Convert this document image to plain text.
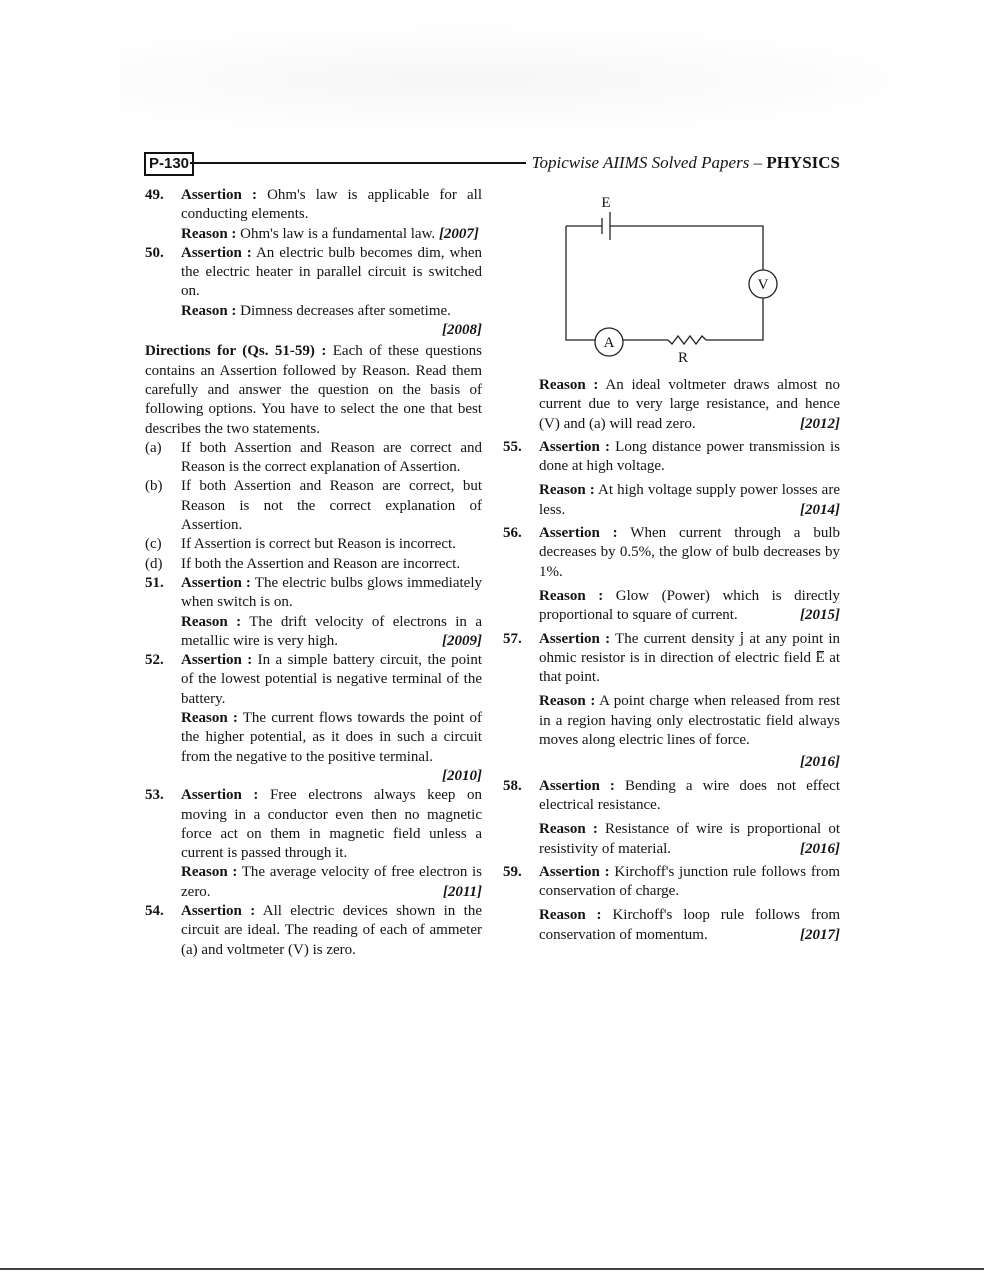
P-130	Topicwise AIIMS Solved Papers – PHYSICS
49. Assertion : Ohm's law is applicable for all conducting elements.
Reason : Ohm's law is a fundamental law. [2007]
50. Assertion : An electric bulb becomes dim, when the electric heater in parallel circuit is switched on.
Reason : Dimness decreases after sometime.
[2008]
Directions for (Qs. 51-59) : Each of these questions contains an Assertion followed by Reason. Read them carefully and answer the question on the basis of following options. You have to select the one that best describes the two statements.
(a) If both Assertion and Reason are correct and Reason is the correct explanation of Assertion.
(b) If both Assertion and Reason are correct, but Reason is not the correct explanation of Assertion.
(c) If Assertion is correct but Reason is incorrect.
(d) If both the Assertion and Reason are incorrect.
51. Assertion : The electric bulbs glows immediately when switch is on.
Reason : The drift velocity of electrons in a metallic wire is very high.	[2009]
52. Assertion : In a simple battery circuit, the point of the lowest potential is negative terminal of the battery.
Reason : The current flows towards the point of the higher potential, as it does in such a circuit from the negative to the positive terminal.
[2010]
53. Assertion : Free electrons always keep on moving in a conductor even then no magnetic force act on them in magnetic field unless a current is passed through it.
Reason : The average velocity of free electron is zero.	[2011]
54. Assertion : All electric devices shown in the circuit are ideal. The reading of each of ammeter (a) and voltmeter (V) is zero.
E
V
A
R
Reason : An ideal voltmeter draws almost no current due to very large resistance, and hence (V) and (a) will read zero.	[2012]
55. Assertion : Long distance power transmission is done at high voltage.
Reason : At high voltage supply power losses are less.	[2014]
56. Assertion : When current through a bulb decreases by 0.5%, the glow of bulb decreases by 1%.
Reason : Glow (Power) which is directly proportional to square of current.	[2015]
57. Assertion : The current density j at any point in ohmic resistor is in direction of electric field E at that point.
Reason : A point charge when released from rest in a region having only electrostatic field always moves along electric lines of force.
[2016]
58. Assertion : Bending a wire does not effect electrical resistance.
Reason : Resistance of wire is proportional ot resistivity of material.	[2016]
59. Assertion : Kirchoff's junction rule follows from conservation of charge.
Reason : Kirchoff's loop rule follows from conservation of momentum.	[2017]
